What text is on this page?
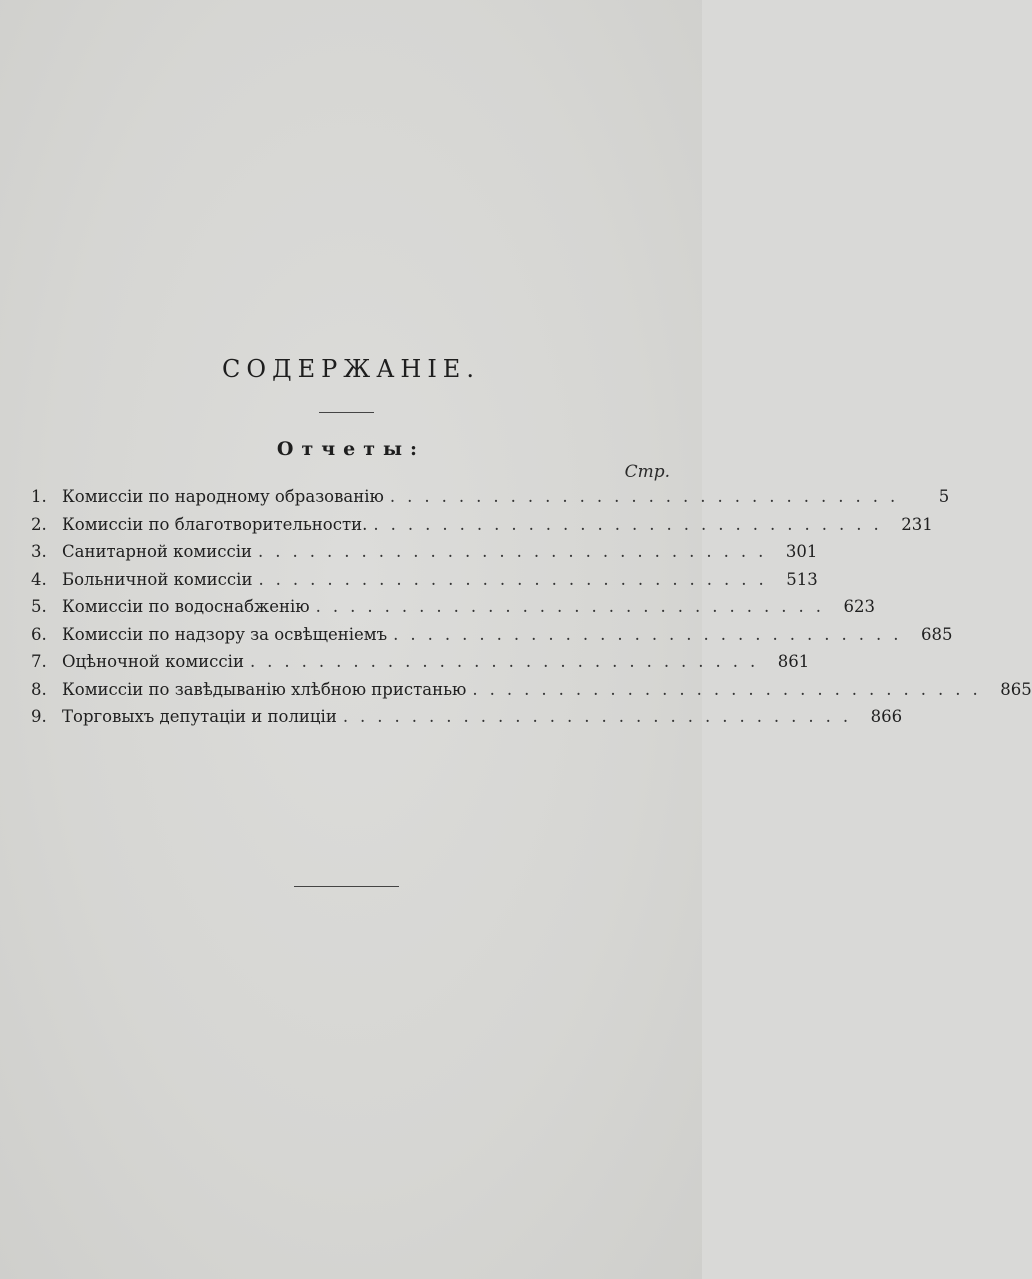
СОДЕРЖАНІЕ.
Отчеты:
Стр.
1. Комиссіи по народному образованію ..............................	5
2. Комиссіи по благотворительности. .............................. 231
3. Санитарной комиссіи .............................. 301
4. Больничной комиссіи .............................. 513
5. Комиссіи по водоснабженію .............................. 623
6. Комиссіи по надзору за освѣщеніемъ .............................. 685
7. Оцѣночной комиссіи .............................. 861
8. Комиссіи по завѣдыванію хлѣбною пристанью .............................. 865
9. Торговыхъ депутаціи и полиціи .............................. 866
